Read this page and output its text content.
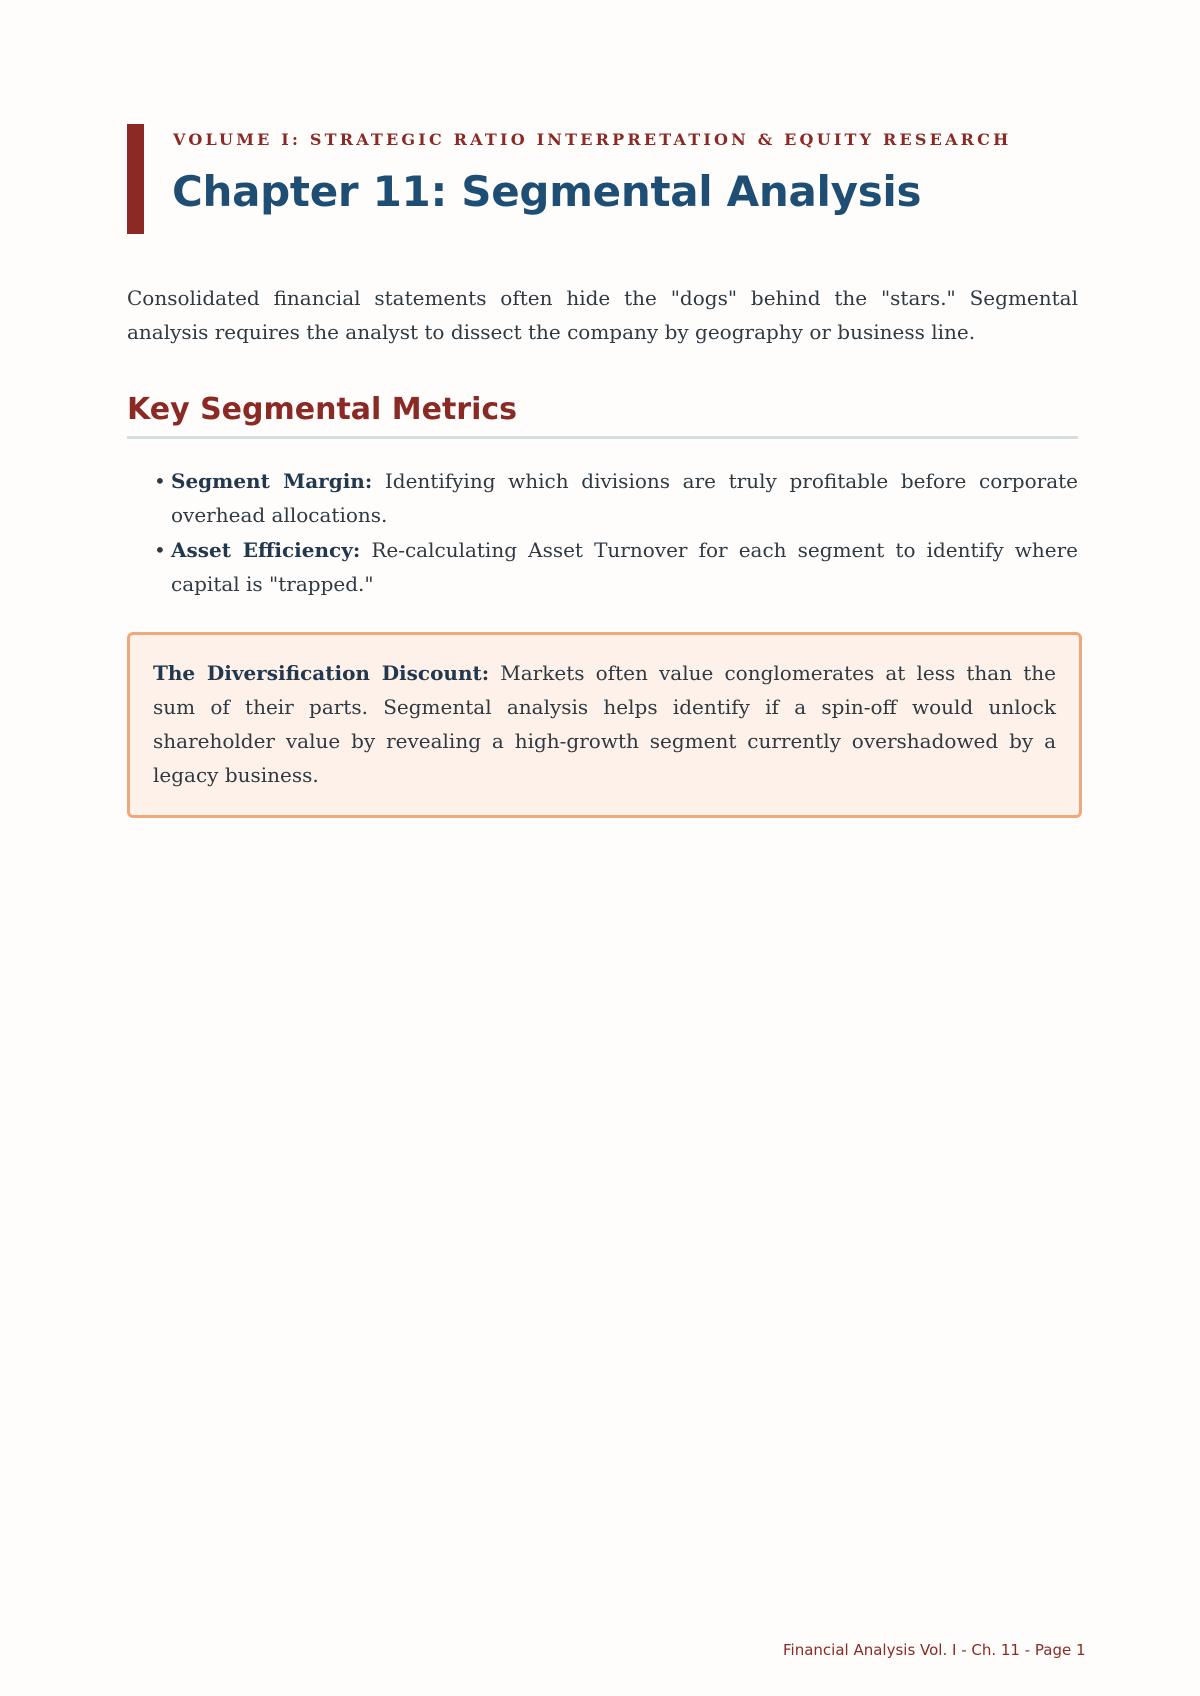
VOLUME I: STRATEGIC RATIO INTERPRETATION & EQUITY RESEARCH
Chapter 11: Segmental Analysis

Consolidated financial statements often hide the "dogs" behind the "stars." Segmental analysis requires the analyst to dissect the company by geography or business line.

Key Segmental Metrics
• Segment Margin: Identifying which divisions are truly profitable before corporate overhead allocations.
• Asset Efficiency: Re-calculating Asset Turnover for each segment to identify where capital is "trapped."
The Diversification Discount: Markets often value conglomerates at less than the sum of their parts. Segmental analysis helps identify if a spin-off would unlock shareholder value by revealing a high-growth segment currently overshadowed by a legacy business.
Financial Analysis Vol. I - Ch. 11 - Page 1
